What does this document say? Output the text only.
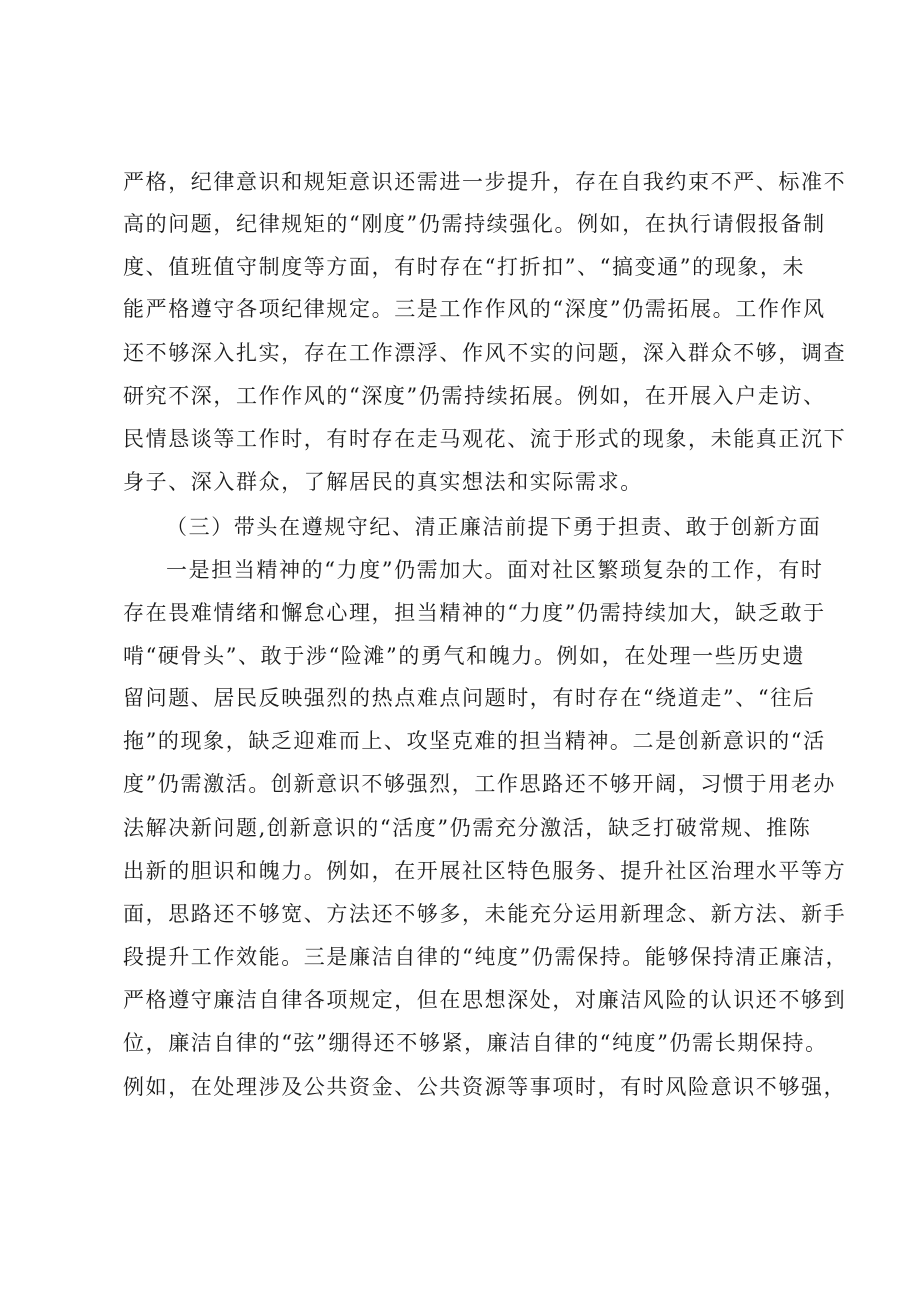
严格，纪律意识和规矩意识还需进一步提升，存在自我约束不严、标准不
高的问题，纪律规矩的“刚度”仍需持续强化。例如，在执行请假报备制
度、值班值守制度等方面，有时存在“打折扣”、“搞变通”的现象，未
能严格遵守各项纪律规定。三是工作作风的“深度”仍需拓展。工作作风
还不够深入扎实，存在工作漂浮、作风不实的问题，深入群众不够，调查
研究不深，工作作风的“深度”仍需持续拓展。例如，在开展入户走访、
民情恳谈等工作时，有时存在走马观花、流于形式的现象，未能真正沉下
身子、深入群众，了解居民的真实想法和实际需求。
（三）带头在遵规守纪、清正廉洁前提下勇于担责、敢于创新方面
一是担当精神的“力度”仍需加大。面对社区繁琐复杂的工作，有时
存在畏难情绪和懈怠心理，担当精神的“力度”仍需持续加大，缺乏敢于
啃“硬骨头”、敢于涉“险滩”的勇气和魄力。例如，在处理一些历史遗
留问题、居民反映强烈的热点难点问题时，有时存在“绕道走”、“往后
拖”的现象，缺乏迎难而上、攻坚克难的担当精神。二是创新意识的“活
度”仍需激活。创新意识不够强烈，工作思路还不够开阔，习惯于用老办
法解决新问题,创新意识的“活度”仍需充分激活，缺乏打破常规、推陈
出新的胆识和魄力。例如，在开展社区特色服务、提升社区治理水平等方
面，思路还不够宽、方法还不够多，未能充分运用新理念、新方法、新手
段提升工作效能。三是廉洁自律的“纯度”仍需保持。能够保持清正廉洁，
严格遵守廉洁自律各项规定，但在思想深处，对廉洁风险的认识还不够到
位，廉洁自律的“弦”绷得还不够紧，廉洁自律的“纯度”仍需长期保持。
例如，在处理涉及公共资金、公共资源等事项时，有时风险意识不够强，
